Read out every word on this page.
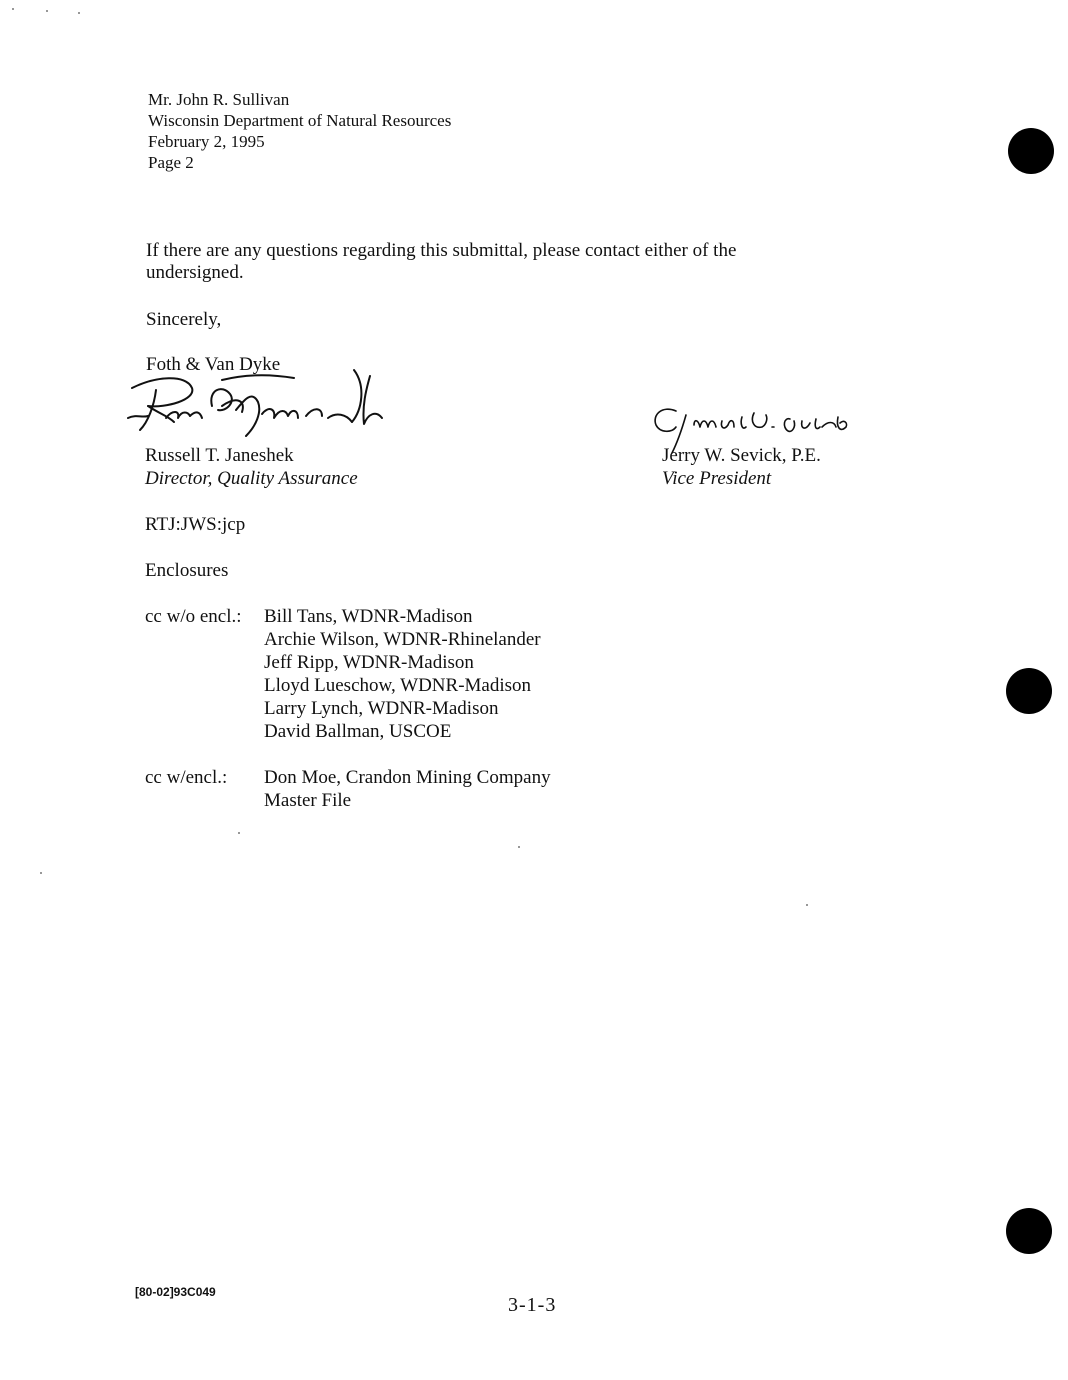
Mr. John R. Sullivan
Wisconsin Department of Natural Resources
February 2, 1995
Page 2
If there are any questions regarding this submittal, please contact either of the
undersigned.
Sincerely,
Foth & Van Dyke
Russell T. Janeshek
Director, Quality Assurance
Jerry W. Sevick, P.E.
Vice President
RTJ:JWS:jcp
Enclosures
cc w/o encl.: Bill Tans, WDNR-Madison
Archie Wilson, WDNR-Rhinelander
Jeff Ripp, WDNR-Madison
Lloyd Lueschow, WDNR-Madison
Larry Lynch, WDNR-Madison
David Ballman, USCOE
cc w/encl.: Don Moe, Crandon Mining Company
Master File
[80-02]93C049
3-1-3
